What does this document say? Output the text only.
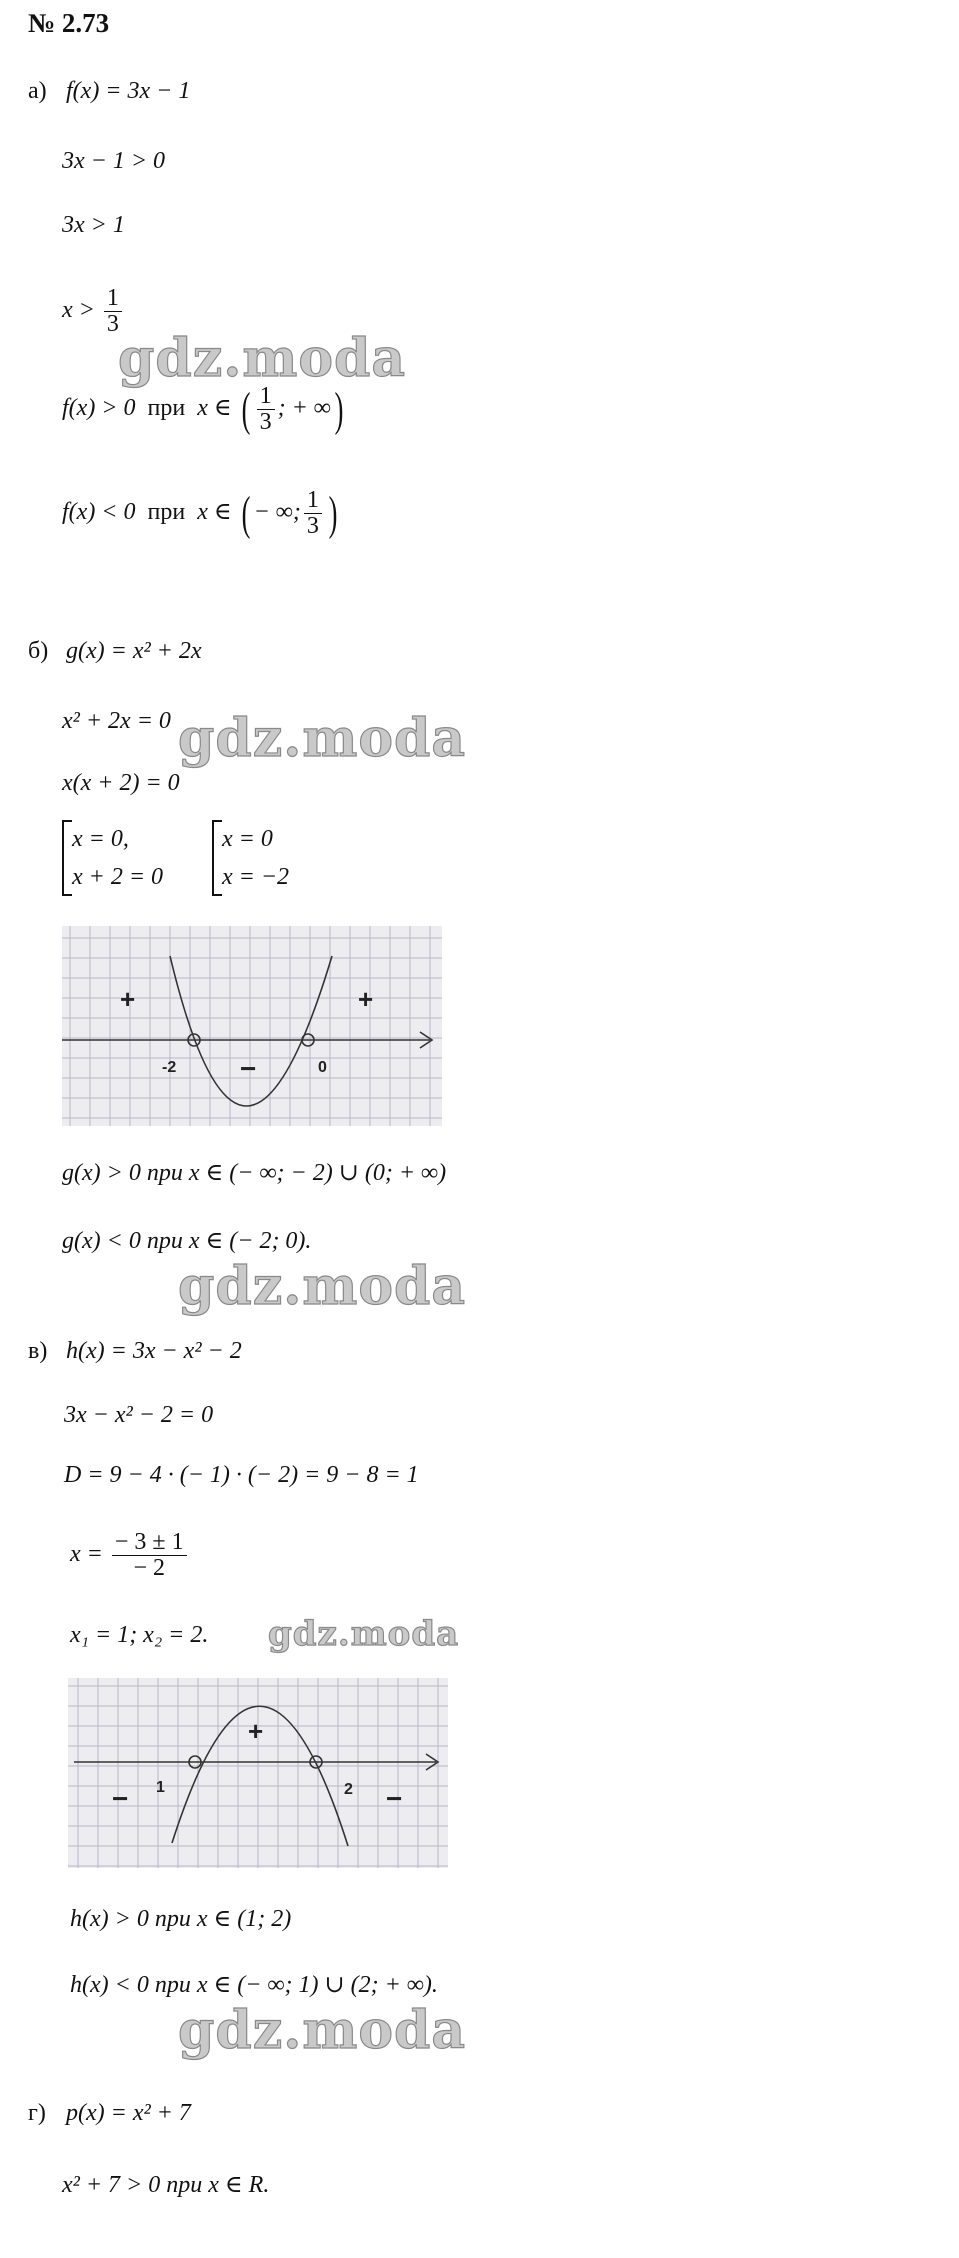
№ 2.73
а) f(x) = 3x − 1
3x − 1 > 0
3x > 1
$x > \frac{1}{3}$
gdz.moda
f(x) > 0 при x ∈ ( $\frac{1}{3}$ ; + ∞)
f(x) < 0 при x ∈ ( − ∞; $\frac{1}{3}$ )
б) g(x) = x² + 2x
x² + 2x = 0 gdz.moda
x(x + 2) = 0
x = 0,
x + 2 = 0
x = 0
x = −2
+	+
−
-2	0
g(x) > 0 при x ∈ (− ∞; − 2) ∪ (0; + ∞)
g(x) < 0 при x ∈ (− 2; 0).
gdz.moda
в) h(x) = 3x − x² − 2
3x − x² − 2 = 0
D = 9 − 4 · (− 1) · (− 2) = 9 − 8 = 1
$x = \frac{- 3 \pm 1}{- 2}$
x₁ = 1; x₂ = 2. gdz.moda
+
−	−
1	2
h(x) > 0 при x ∈ (1; 2)
h(x) < 0 при x ∈ (− ∞; 1) ∪ (2; + ∞).
gdz.moda
г) p(x) = x² + 7
x² + 7 > 0 при x ∈ R.
